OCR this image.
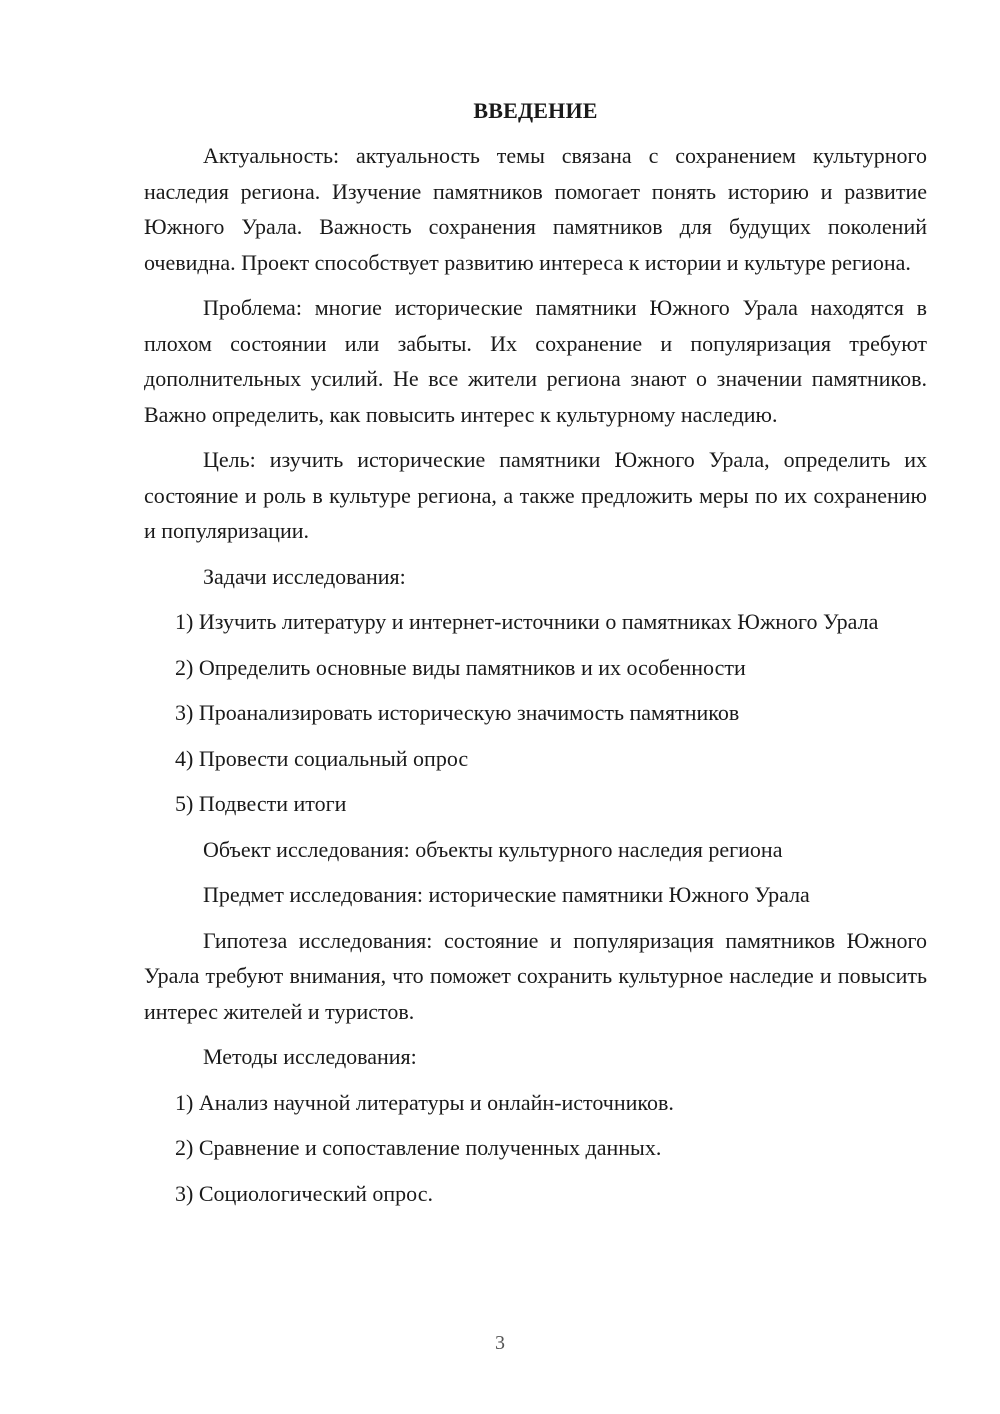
ВВЕДЕНИЕ

Актуальность: актуальность темы связана с сохранением культурного наследия региона. Изучение памятников помогает понять историю и развитие Южного Урала. Важность сохранения памятников для будущих поколений очевидна. Проект способствует развитию интереса к истории и культуре региона.

Проблема: многие исторические памятники Южного Урала находятся в плохом состоянии или забыты. Их сохранение и популяризация требуют дополнительных усилий. Не все жители региона знают о значении памятников. Важно определить, как повысить интерес к культурному наследию.

Цель: изучить исторические памятники Южного Урала, определить их состояние и роль в культуре региона, а также предложить меры по их сохранению и популяризации.

Задачи исследования:

1) Изучить литературу и интернет-источники о памятниках Южного Урала

2) Определить основные виды памятников и их особенности

3) Проанализировать историческую значимость памятников

4) Провести социальный опрос

5) Подвести итоги

Объект исследования: объекты культурного наследия региона

Предмет исследования: исторические памятники Южного Урала

Гипотеза исследования: состояние и популяризация памятников Южного Урала требуют внимания, что поможет сохранить культурное наследие и повысить интерес жителей и туристов.

Методы исследования:

1) Анализ научной литературы и онлайн-источников.

2) Сравнение и сопоставление полученных данных.

3) Социологический опрос.

3
